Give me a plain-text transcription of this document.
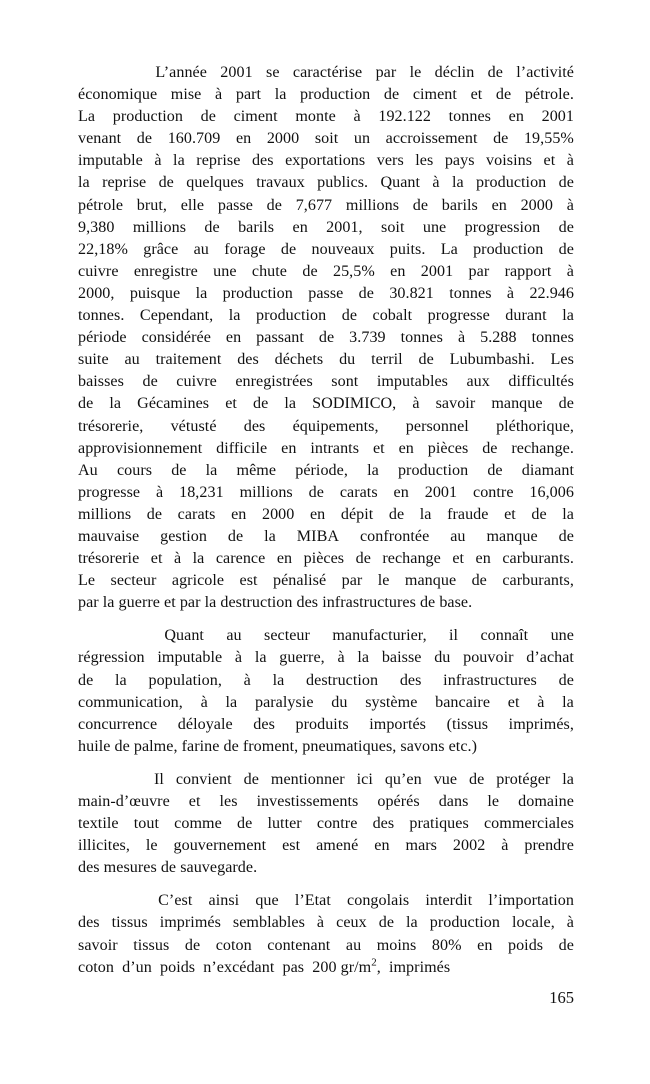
L’année 2001 se caractérise par le déclin de l’activité
économique mise à part la production de ciment et de pétrole.
La production de ciment monte à 192.122 tonnes en 2001
venant de 160.709 en 2000 soit un accroissement de 19,55%
imputable à la reprise des exportations vers les pays voisins et à
la reprise de quelques travaux publics. Quant à la production de
pétrole brut, elle passe de 7,677 millions de barils en 2000 à
9,380 millions de barils en 2001, soit une progression de
22,18% grâce au forage de nouveaux puits. La production de
cuivre enregistre une chute de 25,5% en 2001 par rapport à
2000, puisque la production passe de 30.821 tonnes à 22.946
tonnes. Cependant, la production de cobalt progresse durant la
période considérée en passant de 3.739 tonnes à 5.288 tonnes
suite au traitement des déchets du terril de Lubumbashi. Les
baisses de cuivre enregistrées sont imputables aux difficultés
de la Gécamines et de la SODIMICO, à savoir manque de
trésorerie, vétusté des équipements, personnel pléthorique,
approvisionnement difficile en intrants et en pièces de rechange.
Au cours de la même période, la production de diamant
progresse à 18,231 millions de carats en 2001 contre 16,006
millions de carats en 2000 en dépit de la fraude et de la
mauvaise gestion de la MIBA confrontée au manque de
trésorerie et à la carence en pièces de rechange et en carburants.
Le secteur agricole est pénalisé par le manque de carburants,
par la guerre et par la destruction des infrastructures de base.
Quant au secteur manufacturier, il connaît une
régression imputable à la guerre, à la baisse du pouvoir d’achat
de la population, à la destruction des infrastructures de
communication, à la paralysie du système bancaire et à la
concurrence déloyale des produits importés (tissus imprimés,
huile de palme, farine de froment, pneumatiques, savons etc.)
Il convient de mentionner ici qu’en vue de protéger la
main-d’œuvre et les investissements opérés dans le domaine
textile tout comme de lutter contre des pratiques commerciales
illicites, le gouvernement est amené en mars 2002 à prendre
des mesures de sauvegarde.
C’est ainsi que l’Etat congolais interdit l’importation
des tissus imprimés semblables à ceux de la production locale, à
savoir tissus de coton contenant au moins 80% en poids de
coton  d’un  poids  n’excédant  pas  200 $gr/m^2$,  imprimés
165
